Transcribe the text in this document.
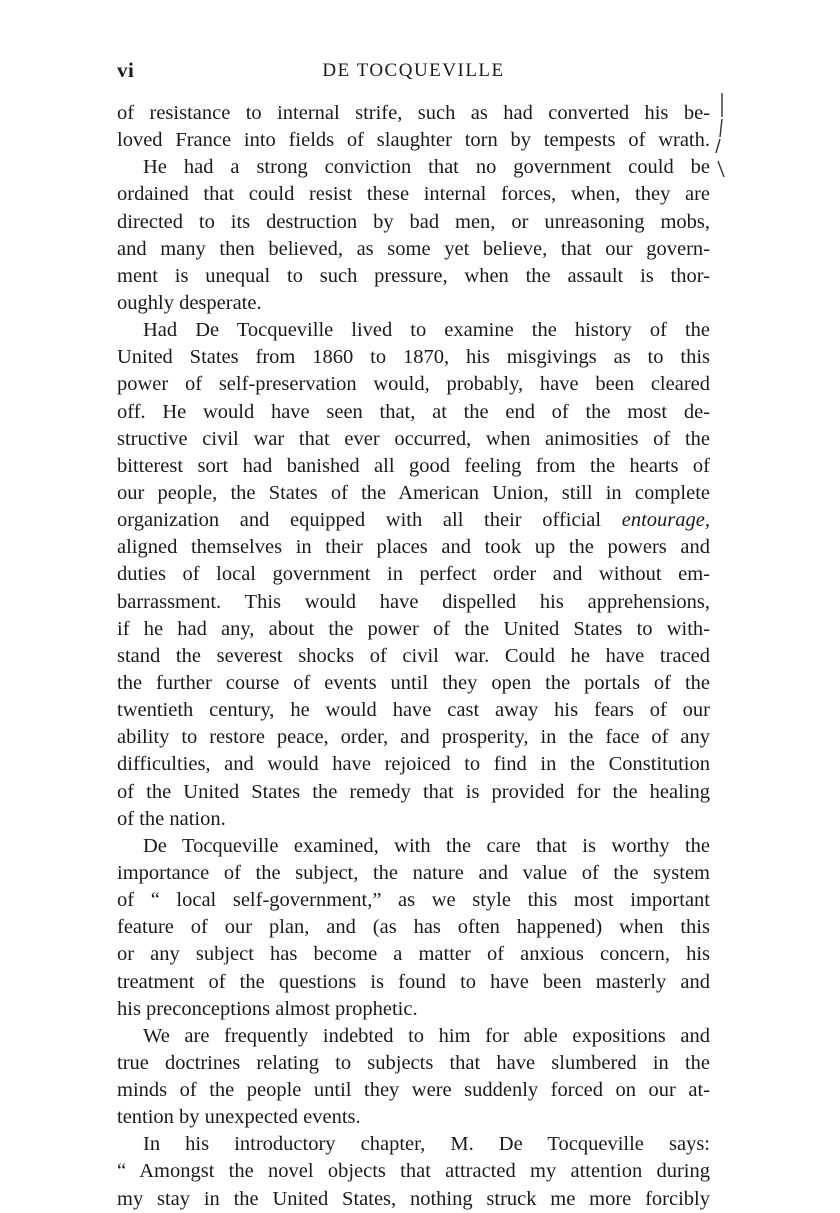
vi	DE TOCQUEVILLE
of resistance to internal strife, such as had converted his be-
loved France into fields of slaughter torn by tempests of wrath.
He had a strong conviction that no government could be
ordained that could resist these internal forces, when, they are
directed to its destruction by bad men, or unreasoning mobs,
and many then believed, as some yet believe, that our govern-
ment is unequal to such pressure, when the assault is thor-
oughly desperate.
Had De Tocqueville lived to examine the history of the
United States from 1860 to 1870, his misgivings as to this
power of self-preservation would, probably, have been cleared
off. He would have seen that, at the end of the most de-
structive civil war that ever occurred, when animosities of the
bitterest sort had banished all good feeling from the hearts of
our people, the States of the American Union, still in complete
organization and equipped with all their official entourage,
aligned themselves in their places and took up the powers and
duties of local government in perfect order and without em-
barrassment. This would have dispelled his apprehensions,
if he had any, about the power of the United States to with-
stand the severest shocks of civil war. Could he have traced
the further course of events until they open the portals of the
twentieth century, he would have cast away his fears of our
ability to restore peace, order, and prosperity, in the face of any
difficulties, and would have rejoiced to find in the Constitution
of the United States the remedy that is provided for the healing
of the nation.
De Tocqueville examined, with the care that is worthy the
importance of the subject, the nature and value of the system
of “ local self-government,” as we style this most important
feature of our plan, and (as has often happened) when this
or any subject has become a matter of anxious concern, his
treatment of the questions is found to have been masterly and
his preconceptions almost prophetic.
We are frequently indebted to him for able expositions and
true doctrines relating to subjects that have slumbered in the
minds of the people until they were suddenly forced on our at-
tention by unexpected events.
In his introductory chapter, M. De Tocqueville says:
“ Amongst the novel objects that attracted my attention during
my stay in the United States, nothing struck me more forcibly
